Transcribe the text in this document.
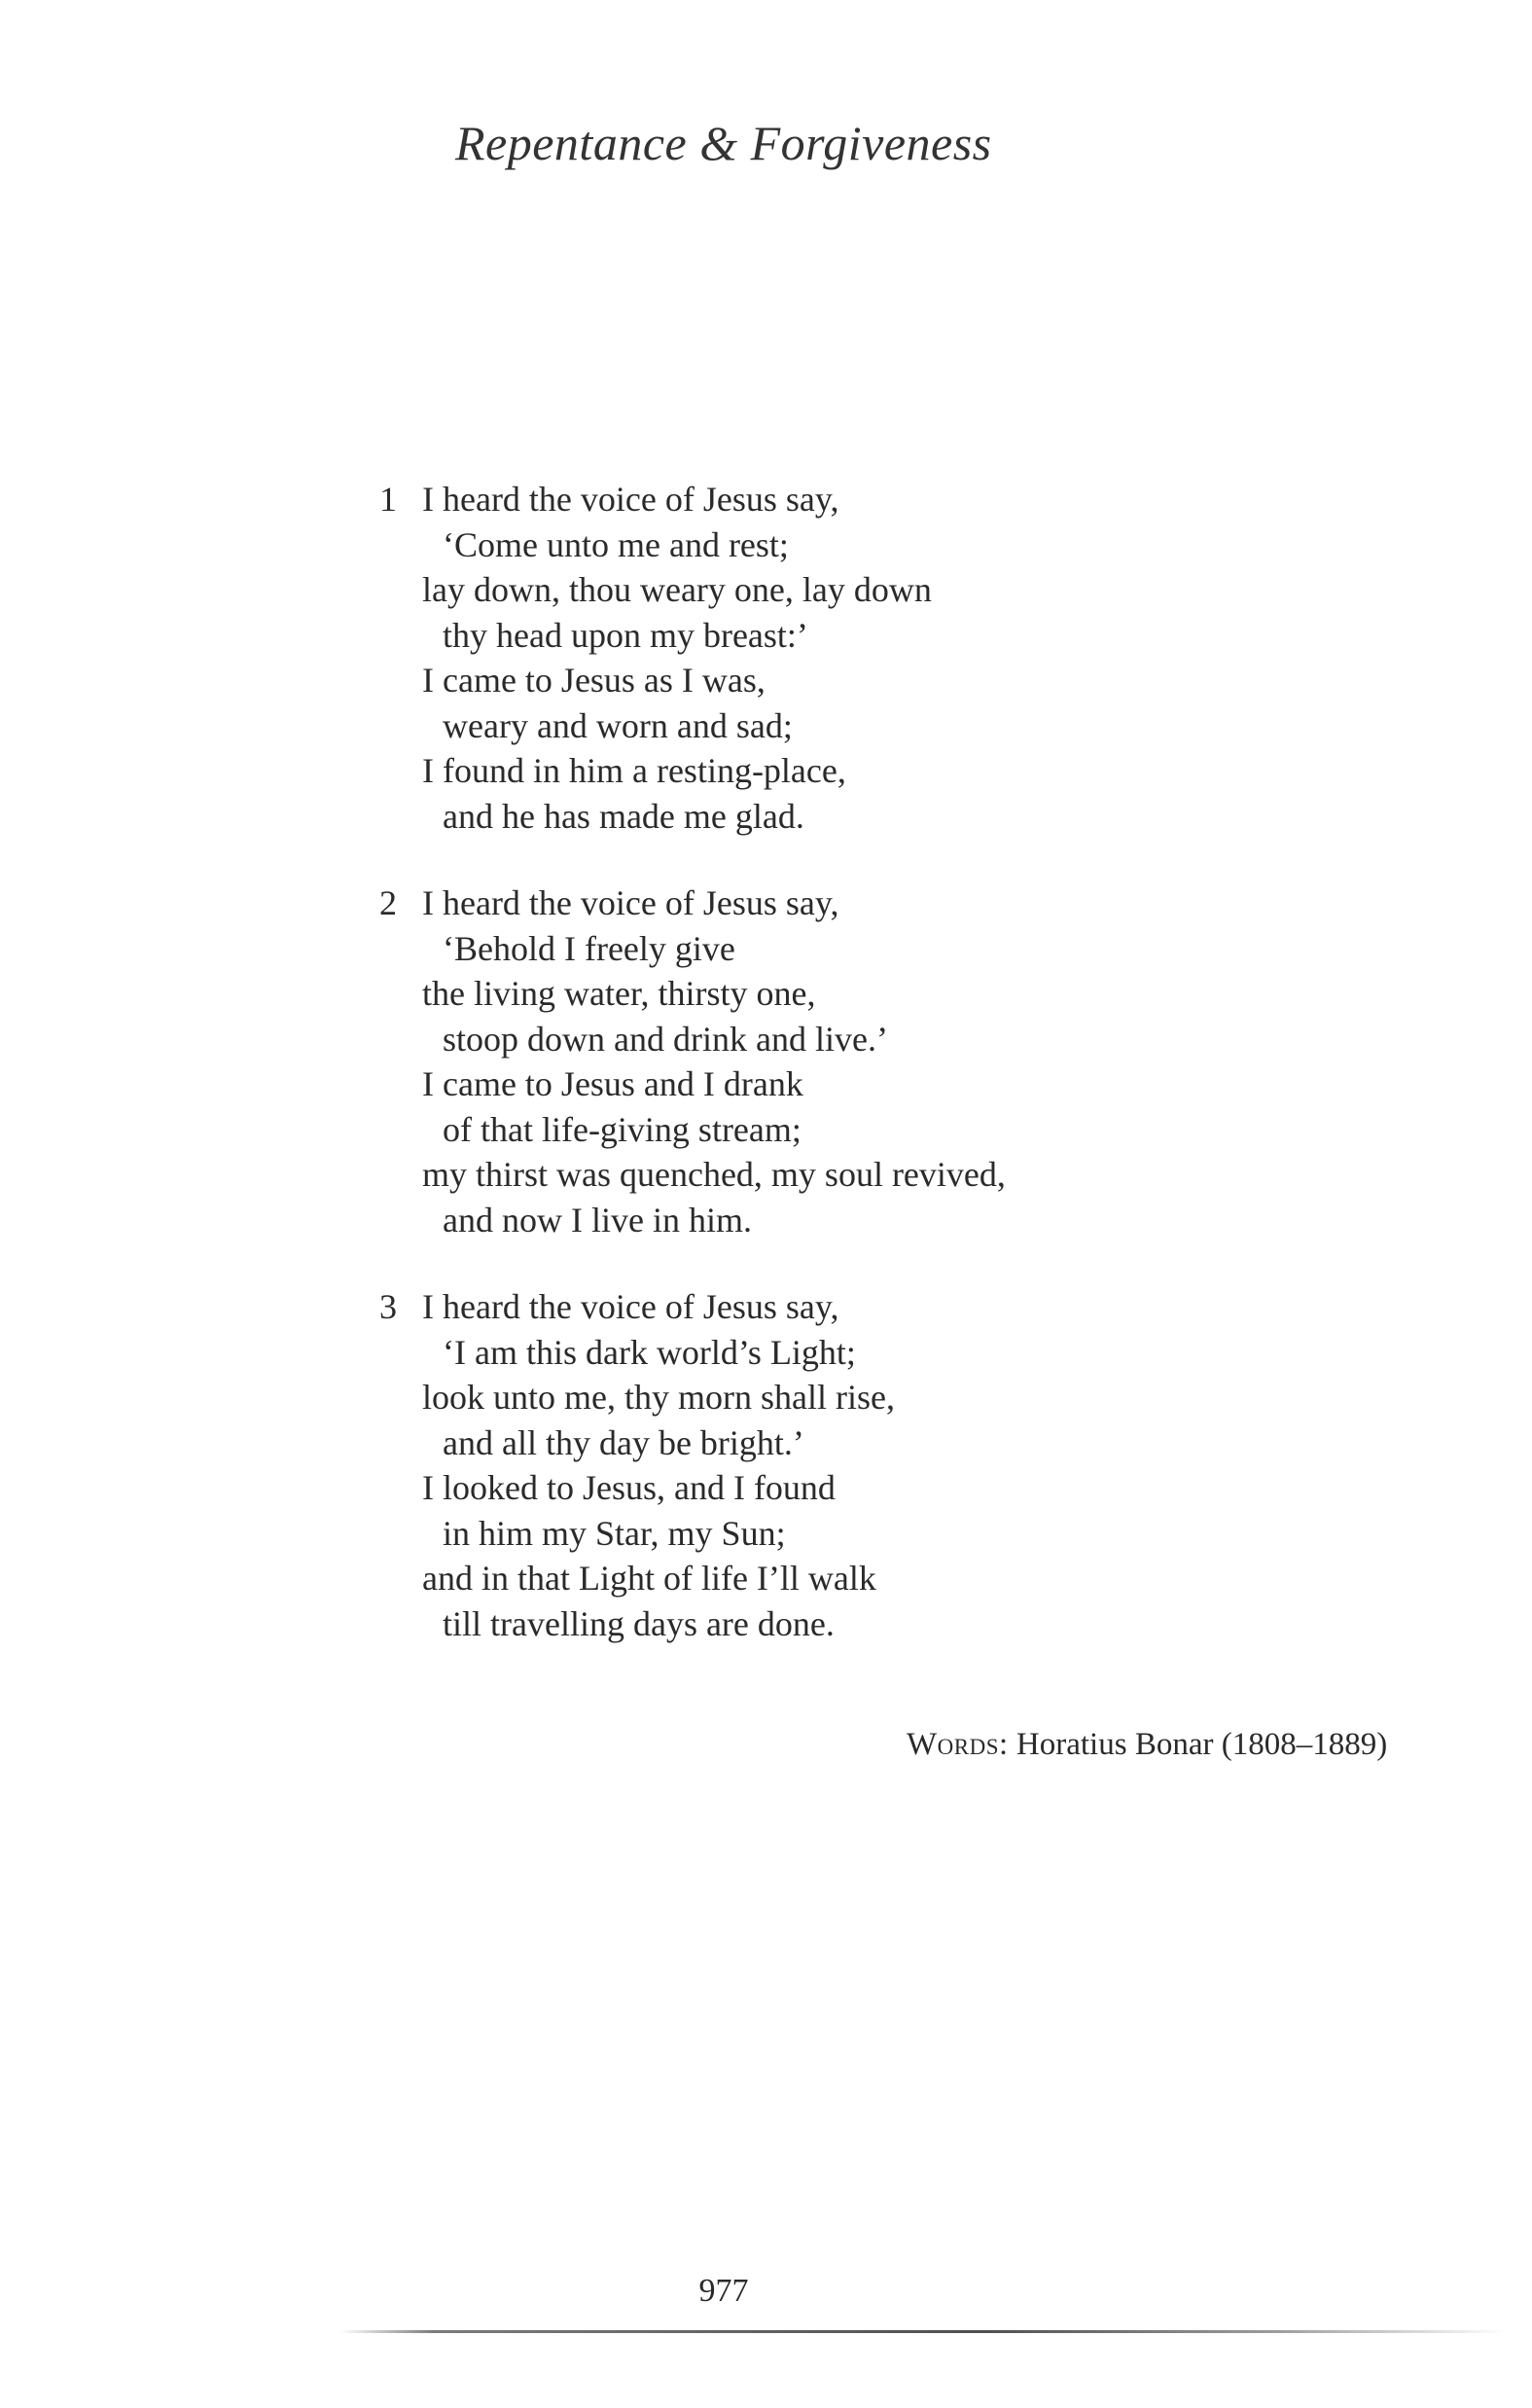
Repentance & Forgiveness
1 I heard the voice of Jesus say,
‘Come unto me and rest;
lay down, thou weary one, lay down
thy head upon my breast:’
I came to Jesus as I was,
weary and worn and sad;
I found in him a resting-place,
and he has made me glad.
2 I heard the voice of Jesus say,
‘Behold I freely give
the living water, thirsty one,
stoop down and drink and live.’
I came to Jesus and I drank
of that life-giving stream;
my thirst was quenched, my soul revived,
and now I live in him.
3 I heard the voice of Jesus say,
‘I am this dark world’s Light;
look unto me, thy morn shall rise,
and all thy day be bright.’
I looked to Jesus, and I found
in him my Star, my Sun;
and in that Light of life I’ll walk
till travelling days are done.
Words: Horatius Bonar (1808–1889)
977
